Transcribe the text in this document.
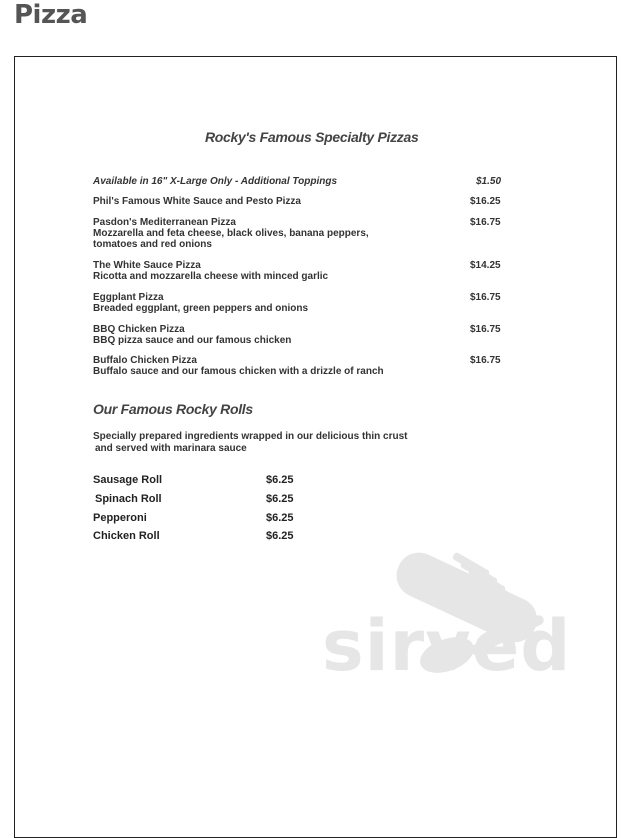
Pizza
Rocky's Famous Specialty Pizzas
Available in 16" X-Large Only - Additional Toppings	$1.50
Phil's Famous White Sauce and Pesto Pizza	$16.25
Pasdon's Mediterranean Pizza
Mozzarella and feta cheese, black olives, banana peppers,
tomatoes and red onions
$16.75
The White Sauce Pizza
Ricotta and mozzarella cheese with minced garlic
$14.25
Eggplant Pizza
Breaded eggplant, green peppers and onions
$16.75
BBQ Chicken Pizza
BBQ pizza sauce and our famous chicken
$16.75
Buffalo Chicken Pizza
Buffalo sauce and our famous chicken with a drizzle of ranch
$16.75
Our Famous Rocky Rolls
Specially prepared ingredients wrapped in our delicious thin crust
and served with marinara sauce
Sausage Roll	$6.25
Spinach Roll	$6.25
Pepperoni	$6.25
Chicken Roll	$6.25
sirved
